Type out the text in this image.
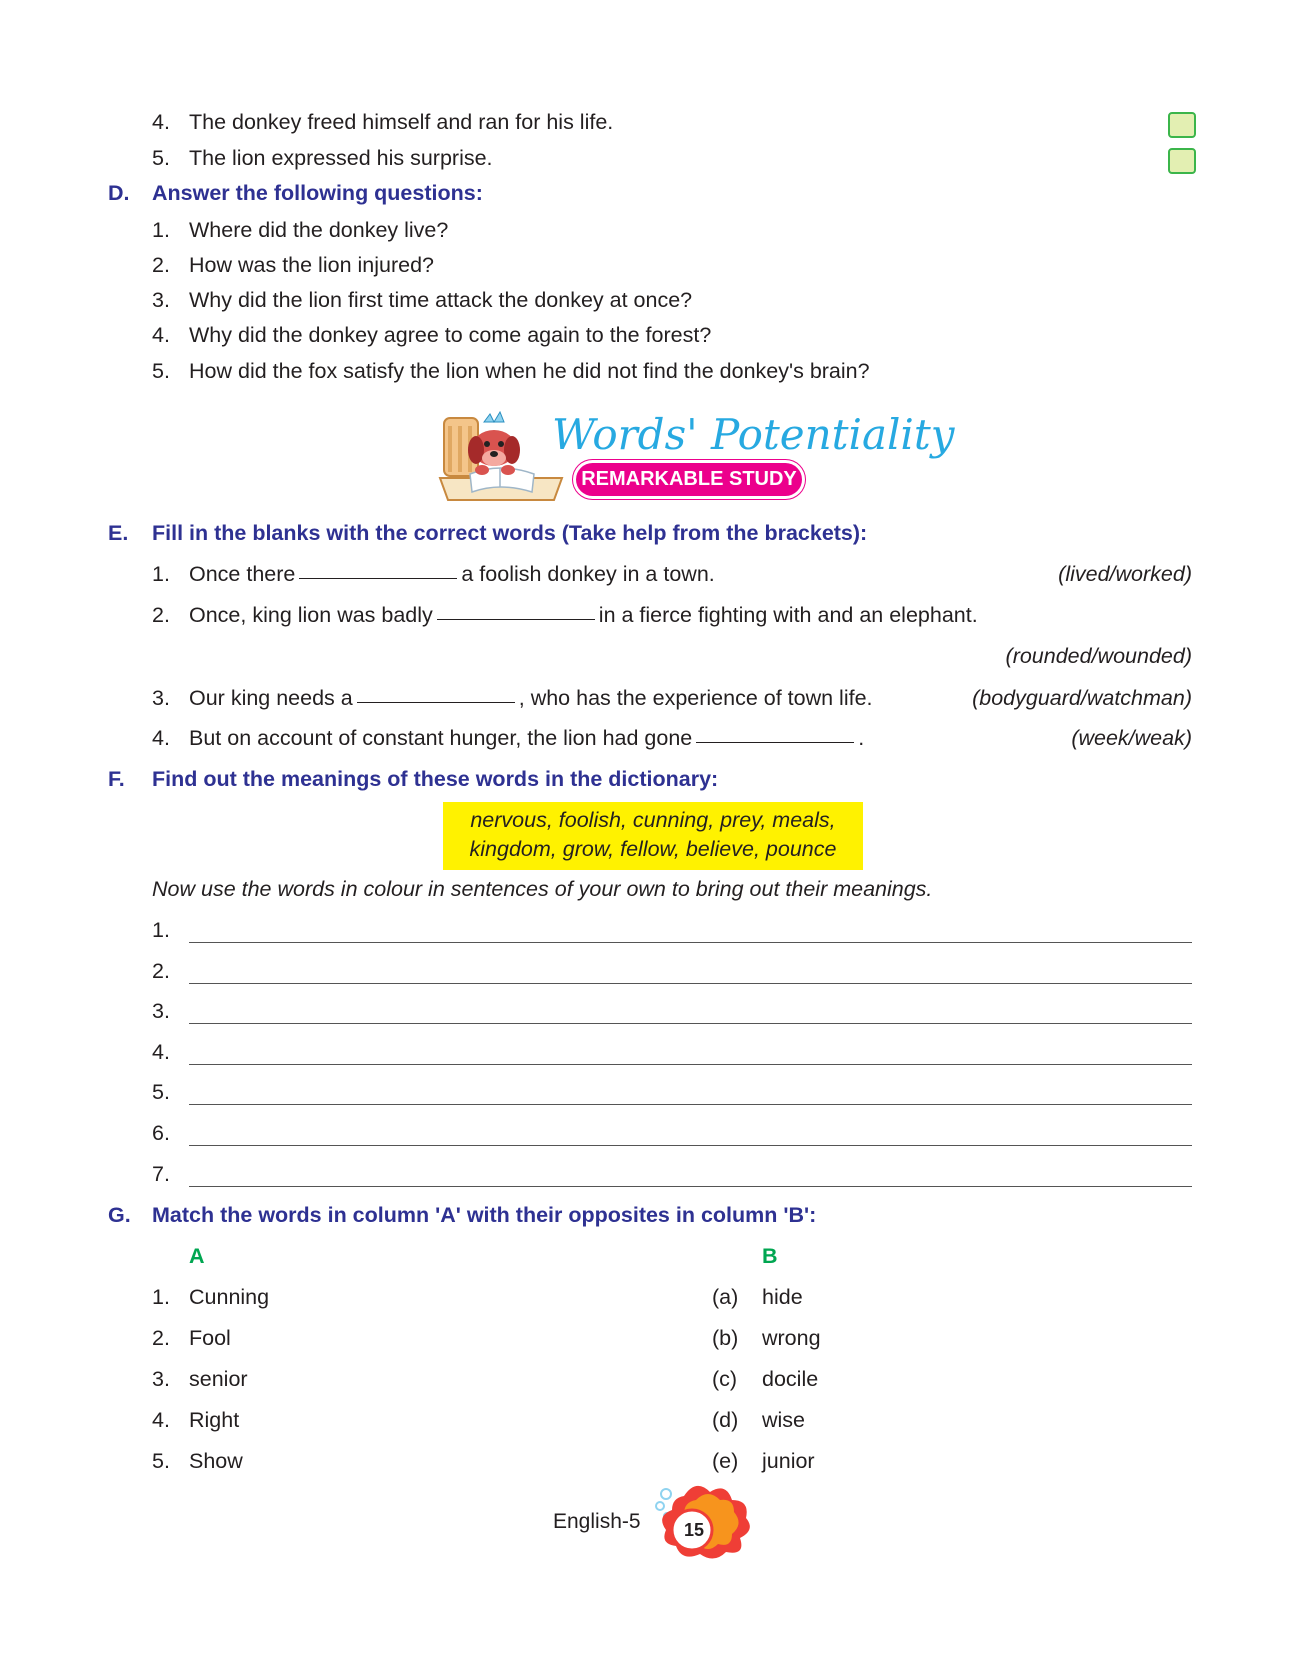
4. The donkey freed himself and ran for his life.
5. The lion expressed his surprise.
D. Answer the following questions:
1. Where did the donkey live?
2. How was the lion injured?
3. Why did the lion first time attack the donkey at once?
4. Why did the donkey agree to come again to the forest?
5. How did the fox satisfy the lion when he did not find the donkey's brain?
Words' Potentiality
REMARKABLE STUDY
E. Fill in the blanks with the correct words (Take help from the brackets):
1. Once there	a foolish donkey in a town.	(lived/worked)
2. Once, king lion was badly	in a fierce fighting with and an elephant.
(rounded/wounded)
3. Our king needs a	, who has the experience of town life.	(bodyguard/watchman)
4. But on account of constant hunger, the lion had gone	.	(week/weak)
F. Find out the meanings of these words in the dictionary:
nervous, foolish, cunning, prey, meals,
kingdom, grow, fellow, believe, pounce
Now use the words in colour in sentences of your own to bring out their meanings.
1.
2.
3.
4.
5.
6.
7.
G. Match the words in column 'A' with their opposites in column 'B':
A	B
1. Cunning	(a) hide
2. Fool	(b) wrong
3. senior	(c) docile
4. Right	(d) wise
5. Show	(e) junior
English-5	15
